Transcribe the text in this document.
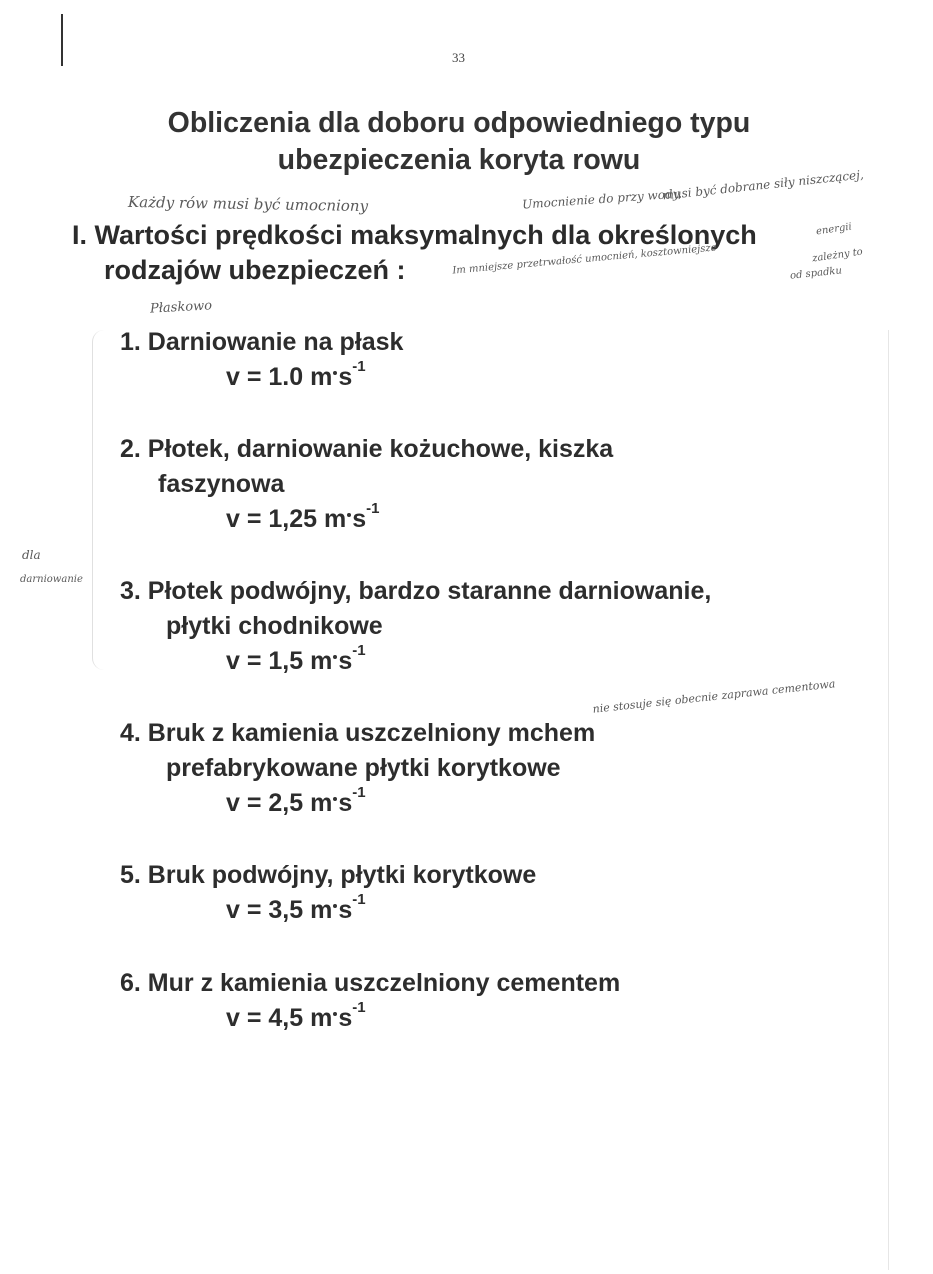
33
Obliczenia dla doboru odpowiedniego typu
ubezpieczenia koryta rowu
Każdy rów musi być umocniony	Umocnienie do przy wody,
musi być dobrane siły niszczącej,
I. Wartości prędkości maksymalnych dla określonych
rodzajów ubezpieczeń :
energii
zależny to
Im mniejsze przetrwałość umocnień, kosztowniejsze	od spadku
Płaskowo
dla
darniowanie
nie stosuje się obecnie zaprawa cementowa
1. Darniowanie na płask
v = 1.0 m $s^{-1}$
2. Płotek, darniowanie kożuchowe, kiszka
faszynowa
v = 1,25 m $s^{-1}$
3. Płotek podwójny, bardzo staranne darniowanie,
płytki chodnikowe
v = 1,5 m $s^{-1}$
4. Bruk z kamienia uszczelniony mchem
prefabrykowane płytki korytkowe
v = 2,5 m $s^{-1}$
5. Bruk podwójny, płytki korytkowe
v = 3,5 m $s^{-1}$
6. Mur z kamienia uszczelniony cementem
v = 4,5 m $s^{-1}$
